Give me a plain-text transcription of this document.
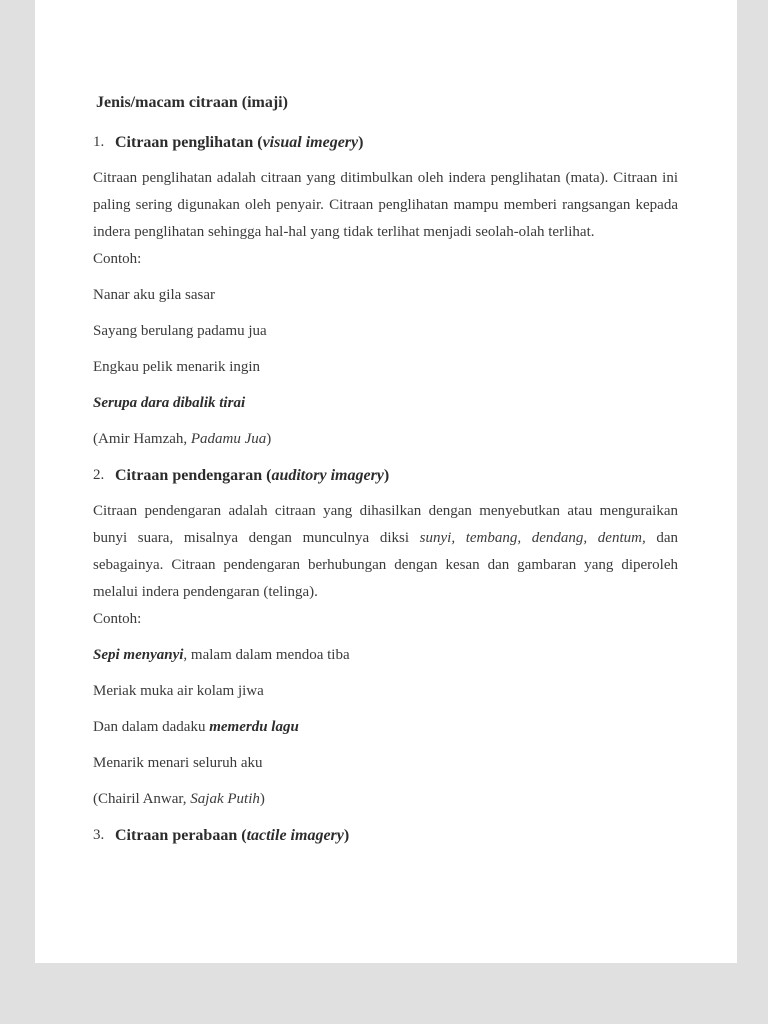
Jenis/macam citraan (imaji)
1. Citraan penglihatan (visual imegery)

Citraan penglihatan adalah citraan yang ditimbulkan oleh indera penglihatan (mata). Citraan ini paling sering digunakan oleh penyair. Citraan penglihatan mampu memberi rangsangan kepada indera penglihatan sehingga hal-hal yang tidak terlihat menjadi seolah-olah terlihat.

Contoh:

Nanar aku gila sasar

Sayang berulang padamu jua

Engkau pelik menarik ingin

Serupa dara dibalik tirai

(Amir Hamzah, Padamu Jua)

2. Citraan pendengaran (auditory imagery)

Citraan pendengaran adalah citraan yang dihasilkan dengan menyebutkan atau menguraikan bunyi suara, misalnya dengan munculnya diksi sunyi, tembang, dendang, dentum, dan sebagainya. Citraan pendengaran berhubungan dengan kesan dan gambaran yang diperoleh melalui indera pendengaran (telinga).

Contoh:

Sepi menyanyi, malam dalam mendoa tiba

Meriak muka air kolam jiwa

Dan dalam dadaku memerdu lagu

Menarik menari seluruh aku

(Chairil Anwar, Sajak Putih)

3. Citraan perabaan (tactile imagery)
